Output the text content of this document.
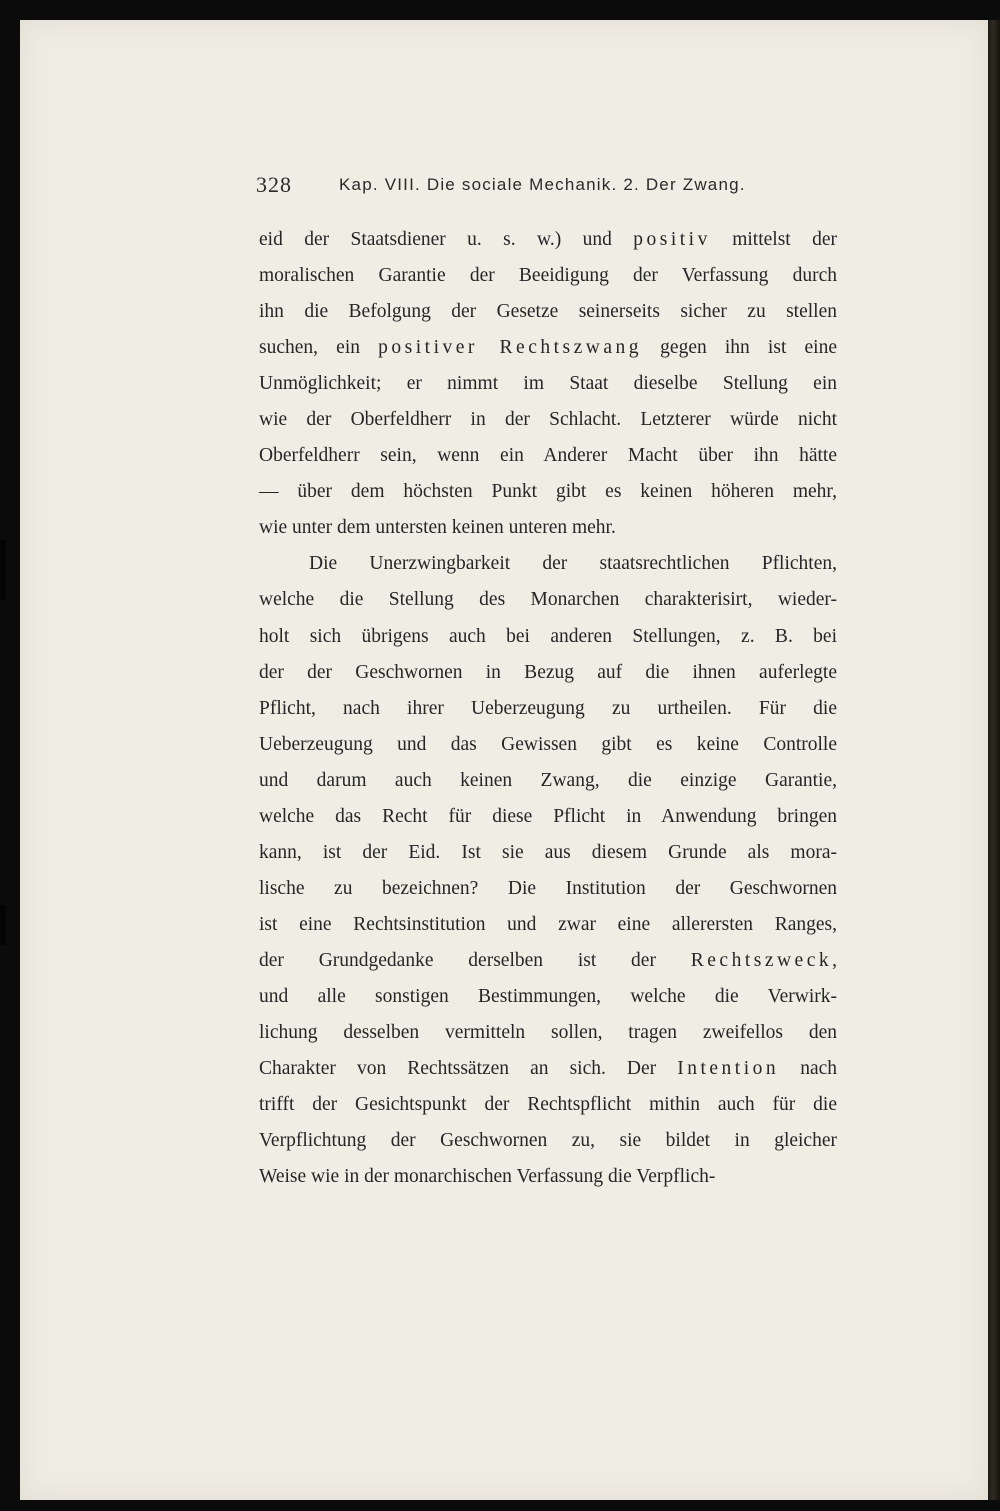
328	Kap. VIII. Die sociale Mechanik. 2. Der Zwang.
eid der Staatsdiener u. s. w.) und positiv mittelst der
moralischen Garantie der Beeidigung der Verfassung durch
ihn die Befolgung der Gesetze seinerseits sicher zu stellen
suchen, ein positiver Rechtszwang gegen ihn ist eine
Unmöglichkeit; er nimmt im Staat dieselbe Stellung ein
wie der Oberfeldherr in der Schlacht. Letzterer würde nicht
Oberfeldherr sein, wenn ein Anderer Macht über ihn hätte
— über dem höchsten Punkt gibt es keinen höheren mehr,
wie unter dem untersten keinen unteren mehr.
Die Unerzwingbarkeit der staatsrechtlichen Pflichten,
welche die Stellung des Monarchen charakterisirt, wieder-
holt sich übrigens auch bei anderen Stellungen, z. B. bei
der der Geschwornen in Bezug auf die ihnen auferlegte
Pflicht, nach ihrer Ueberzeugung zu urtheilen. Für die
Ueberzeugung und das Gewissen gibt es keine Controlle
und darum auch keinen Zwang, die einzige Garantie,
welche das Recht für diese Pflicht in Anwendung bringen
kann, ist der Eid. Ist sie aus diesem Grunde als mora-
lische zu bezeichnen? Die Institution der Geschwornen
ist eine Rechtsinstitution und zwar eine allerersten Ranges,
der Grundgedanke derselben ist der Rechtszweck,
und alle sonstigen Bestimmungen, welche die Verwirk-
lichung desselben vermitteln sollen, tragen zweifellos den
Charakter von Rechtssätzen an sich. Der Intention nach
trifft der Gesichtspunkt der Rechtspflicht mithin auch für die
Verpflichtung der Geschwornen zu, sie bildet in gleicher
Weise wie in der monarchischen Verfassung die Verpflich-
